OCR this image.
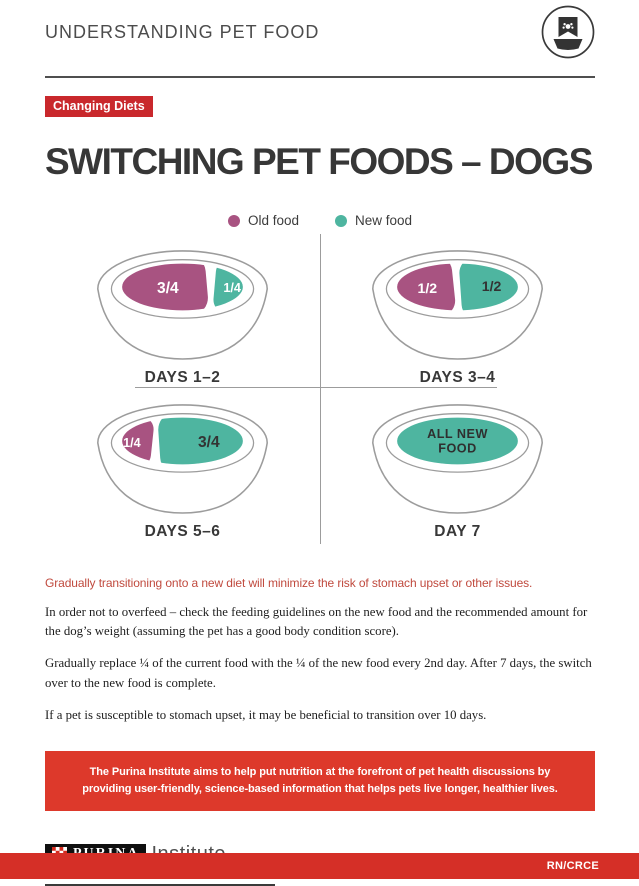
UNDERSTANDING PET FOOD
Changing Diets
SWITCHING PET FOODS – DOGS
Old food	New food
3/4	1/4
DAYS 1–2
1/2	1/2
DAYS 3–4
1/4	3/4
DAYS 5–6
ALL NEW
FOOD
DAY 7

Gradually transitioning onto a new diet will minimize the risk of stomach upset or other issues.

In order not to overfeed – check the feeding guidelines on the new food and the recommended amount for the dog’s weight (assuming the pet has a good body condition score).

Gradually replace ¼ of the current food with the ¼ of the new food every 2nd day. After 7 days, the switch over to the new food is complete.

If a pet is susceptible to stomach upset, it may be beneficial to transition over 10 days.

The Purina Institute aims to help put nutrition at the forefront of pet health discussions by providing user-friendly, science-based information that helps pets live longer, healthier lives.
RN/CRCE
